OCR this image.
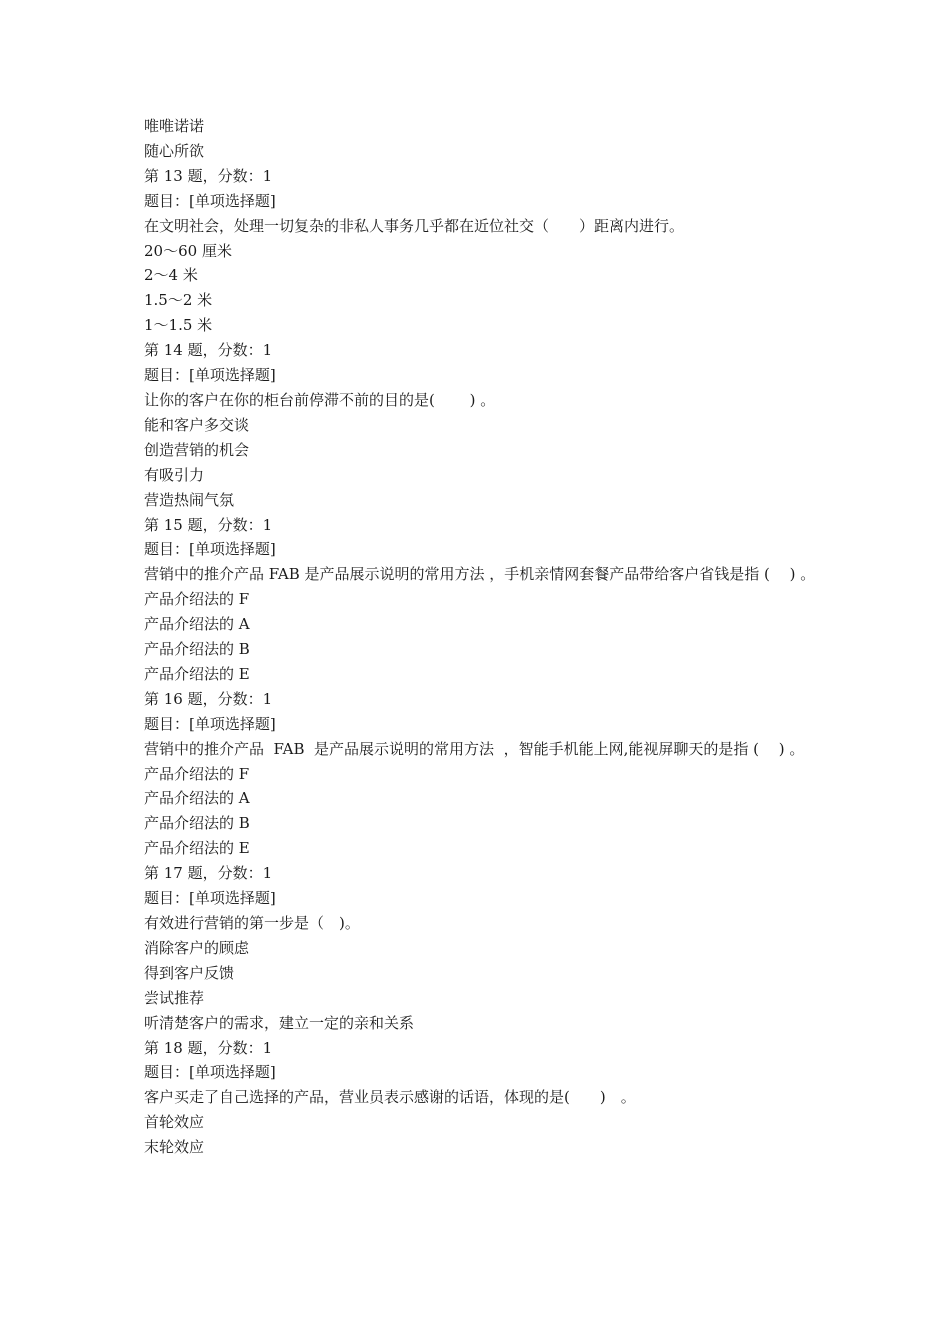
唯唯诺诺
随心所欲
第 13 题，分数：1
题目：[单项选择题]
在文明社会，处理一切复杂的非私人事务几乎都在近位社交（　　）距离内进行。
20～60 厘米
2～4 米
1.5～2 米
1～1.5 米
第 14 题，分数：1
题目：[单项选择题]
让你的客户在你的柜台前停滞不前的目的是(　　 ) 。
能和客户多交谈
创造营销的机会
有吸引力
营造热闹气氛
第 15 题，分数：1
题目：[单项选择题]
营销中的推介产品 FAB 是产品展示说明的常用方法 ，手机亲情网套餐产品带给客户省钱是指 (　 ) 。
产品介绍法的 F
产品介绍法的 A
产品介绍法的 B
产品介绍法的 E
第 16 题，分数：1
题目：[单项选择题]
营销中的推介产品  FAB  是产品展示说明的常用方法  ，智能手机能上网,能视屏聊天的是指 (　 ) 。
产品介绍法的 F
产品介绍法的 A
产品介绍法的 B
产品介绍法的 E
第 17 题，分数：1
题目：[单项选择题]
有效进行营销的第一步是（　)。
消除客户的顾虑
得到客户反馈
尝试推荐
听清楚客户的需求，建立一定的亲和关系
第 18 题，分数：1
题目：[单项选择题]
客户买走了自己选择的产品，营业员表示感谢的话语，体现的是(　　)　。
首轮效应
末轮效应
